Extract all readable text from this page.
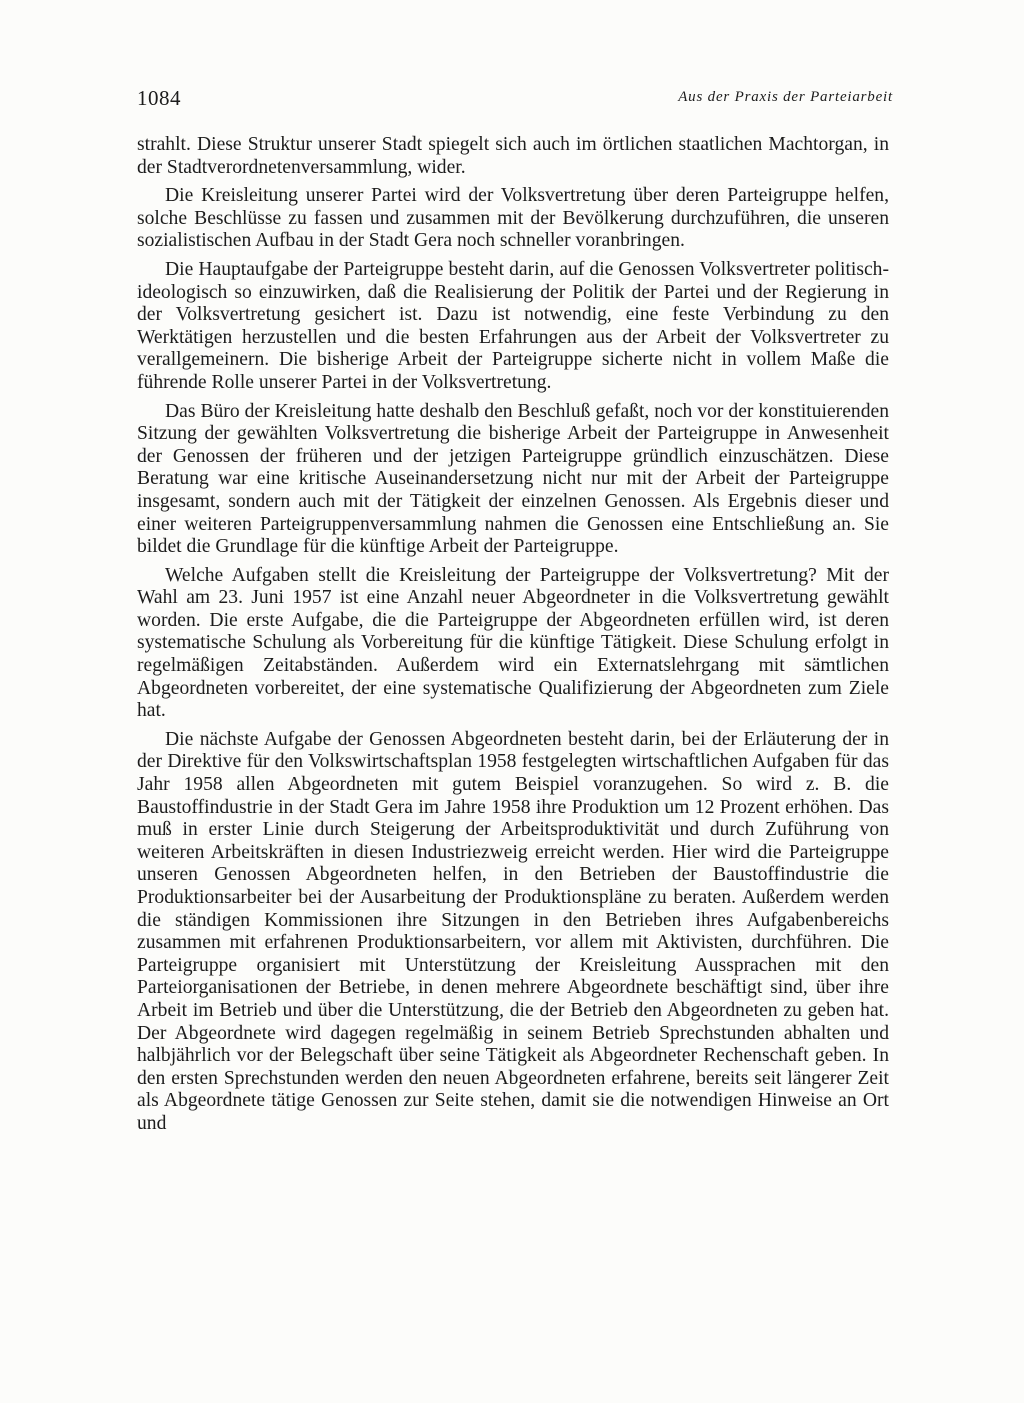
1084	Aus der Praxis der Parteiarbeit

strahlt. Diese Struktur unserer Stadt spiegelt sich auch im örtlichen staatlichen Machtorgan, in der Stadtverordnetenversammlung, wider.

Die Kreisleitung unserer Partei wird der Volksvertretung über deren Parteigruppe helfen, solche Beschlüsse zu fassen und zusammen mit der Bevölkerung durchzuführen, die unseren sozialistischen Aufbau in der Stadt Gera noch schneller voranbringen.

Die Hauptaufgabe der Parteigruppe besteht darin, auf die Genossen Volksvertreter politisch-ideologisch so einzuwirken, daß die Realisierung der Politik der Partei und der Regierung in der Volksvertretung gesichert ist. Dazu ist notwendig, eine feste Verbindung zu den Werktätigen herzustellen und die besten Erfahrungen aus der Arbeit der Volksvertreter zu verallgemeinern. Die bisherige Arbeit der Parteigruppe sicherte nicht in vollem Maße die führende Rolle unserer Partei in der Volksvertretung.

Das Büro der Kreisleitung hatte deshalb den Beschluß gefaßt, noch vor der konstituierenden Sitzung der gewählten Volksvertretung die bisherige Arbeit der Parteigruppe in Anwesenheit der Genossen der früheren und der jetzigen Parteigruppe gründlich einzuschätzen. Diese Beratung war eine kritische Auseinandersetzung nicht nur mit der Arbeit der Parteigruppe insgesamt, sondern auch mit der Tätigkeit der einzelnen Genossen. Als Ergebnis dieser und einer weiteren Parteigruppenversammlung nahmen die Genossen eine Entschließung an. Sie bildet die Grundlage für die künftige Arbeit der Parteigruppe.

Welche Aufgaben stellt die Kreisleitung der Parteigruppe der Volksvertretung? Mit der Wahl am 23. Juni 1957 ist eine Anzahl neuer Abgeordneter in die Volksvertretung gewählt worden. Die erste Aufgabe, die die Parteigruppe der Abgeordneten erfüllen wird, ist deren systematische Schulung als Vorbereitung für die künftige Tätigkeit. Diese Schulung erfolgt in regelmäßigen Zeitabständen. Außerdem wird ein Externatslehrgang mit sämtlichen Abgeordneten vorbereitet, der eine systematische Qualifizierung der Abgeordneten zum Ziele hat.

Die nächste Aufgabe der Genossen Abgeordneten besteht darin, bei der Erläuterung der in der Direktive für den Volkswirtschaftsplan 1958 festgelegten wirtschaftlichen Aufgaben für das Jahr 1958 allen Abgeordneten mit gutem Beispiel voranzugehen. So wird z. B. die Baustoffindustrie in der Stadt Gera im Jahre 1958 ihre Produktion um 12 Prozent erhöhen. Das muß in erster Linie durch Steigerung der Arbeitsproduktivität und durch Zuführung von weiteren Arbeitskräften in diesen Industriezweig erreicht werden. Hier wird die Parteigruppe unseren Genossen Abgeordneten helfen, in den Betrieben der Baustoffindustrie die Produktionsarbeiter bei der Ausarbeitung der Produktionspläne zu beraten. Außerdem werden die ständigen Kommissionen ihre Sitzungen in den Betrieben ihres Aufgabenbereichs zusammen mit erfahrenen Produktionsarbeitern, vor allem mit Aktivisten, durchführen. Die Parteigruppe organisiert mit Unterstützung der Kreisleitung Aussprachen mit den Parteiorganisationen der Betriebe, in denen mehrere Abgeordnete beschäftigt sind, über ihre Arbeit im Betrieb und über die Unterstützung, die der Betrieb den Abgeordneten zu geben hat. Der Abgeordnete wird dagegen regelmäßig in seinem Betrieb Sprechstunden abhalten und halbjährlich vor der Belegschaft über seine Tätigkeit als Abgeordneter Rechenschaft geben. In den ersten Sprechstunden werden den neuen Abgeordneten erfahrene, bereits seit längerer Zeit als Abgeordnete tätige Genossen zur Seite stehen, damit sie die notwendigen Hinweise an Ort und
